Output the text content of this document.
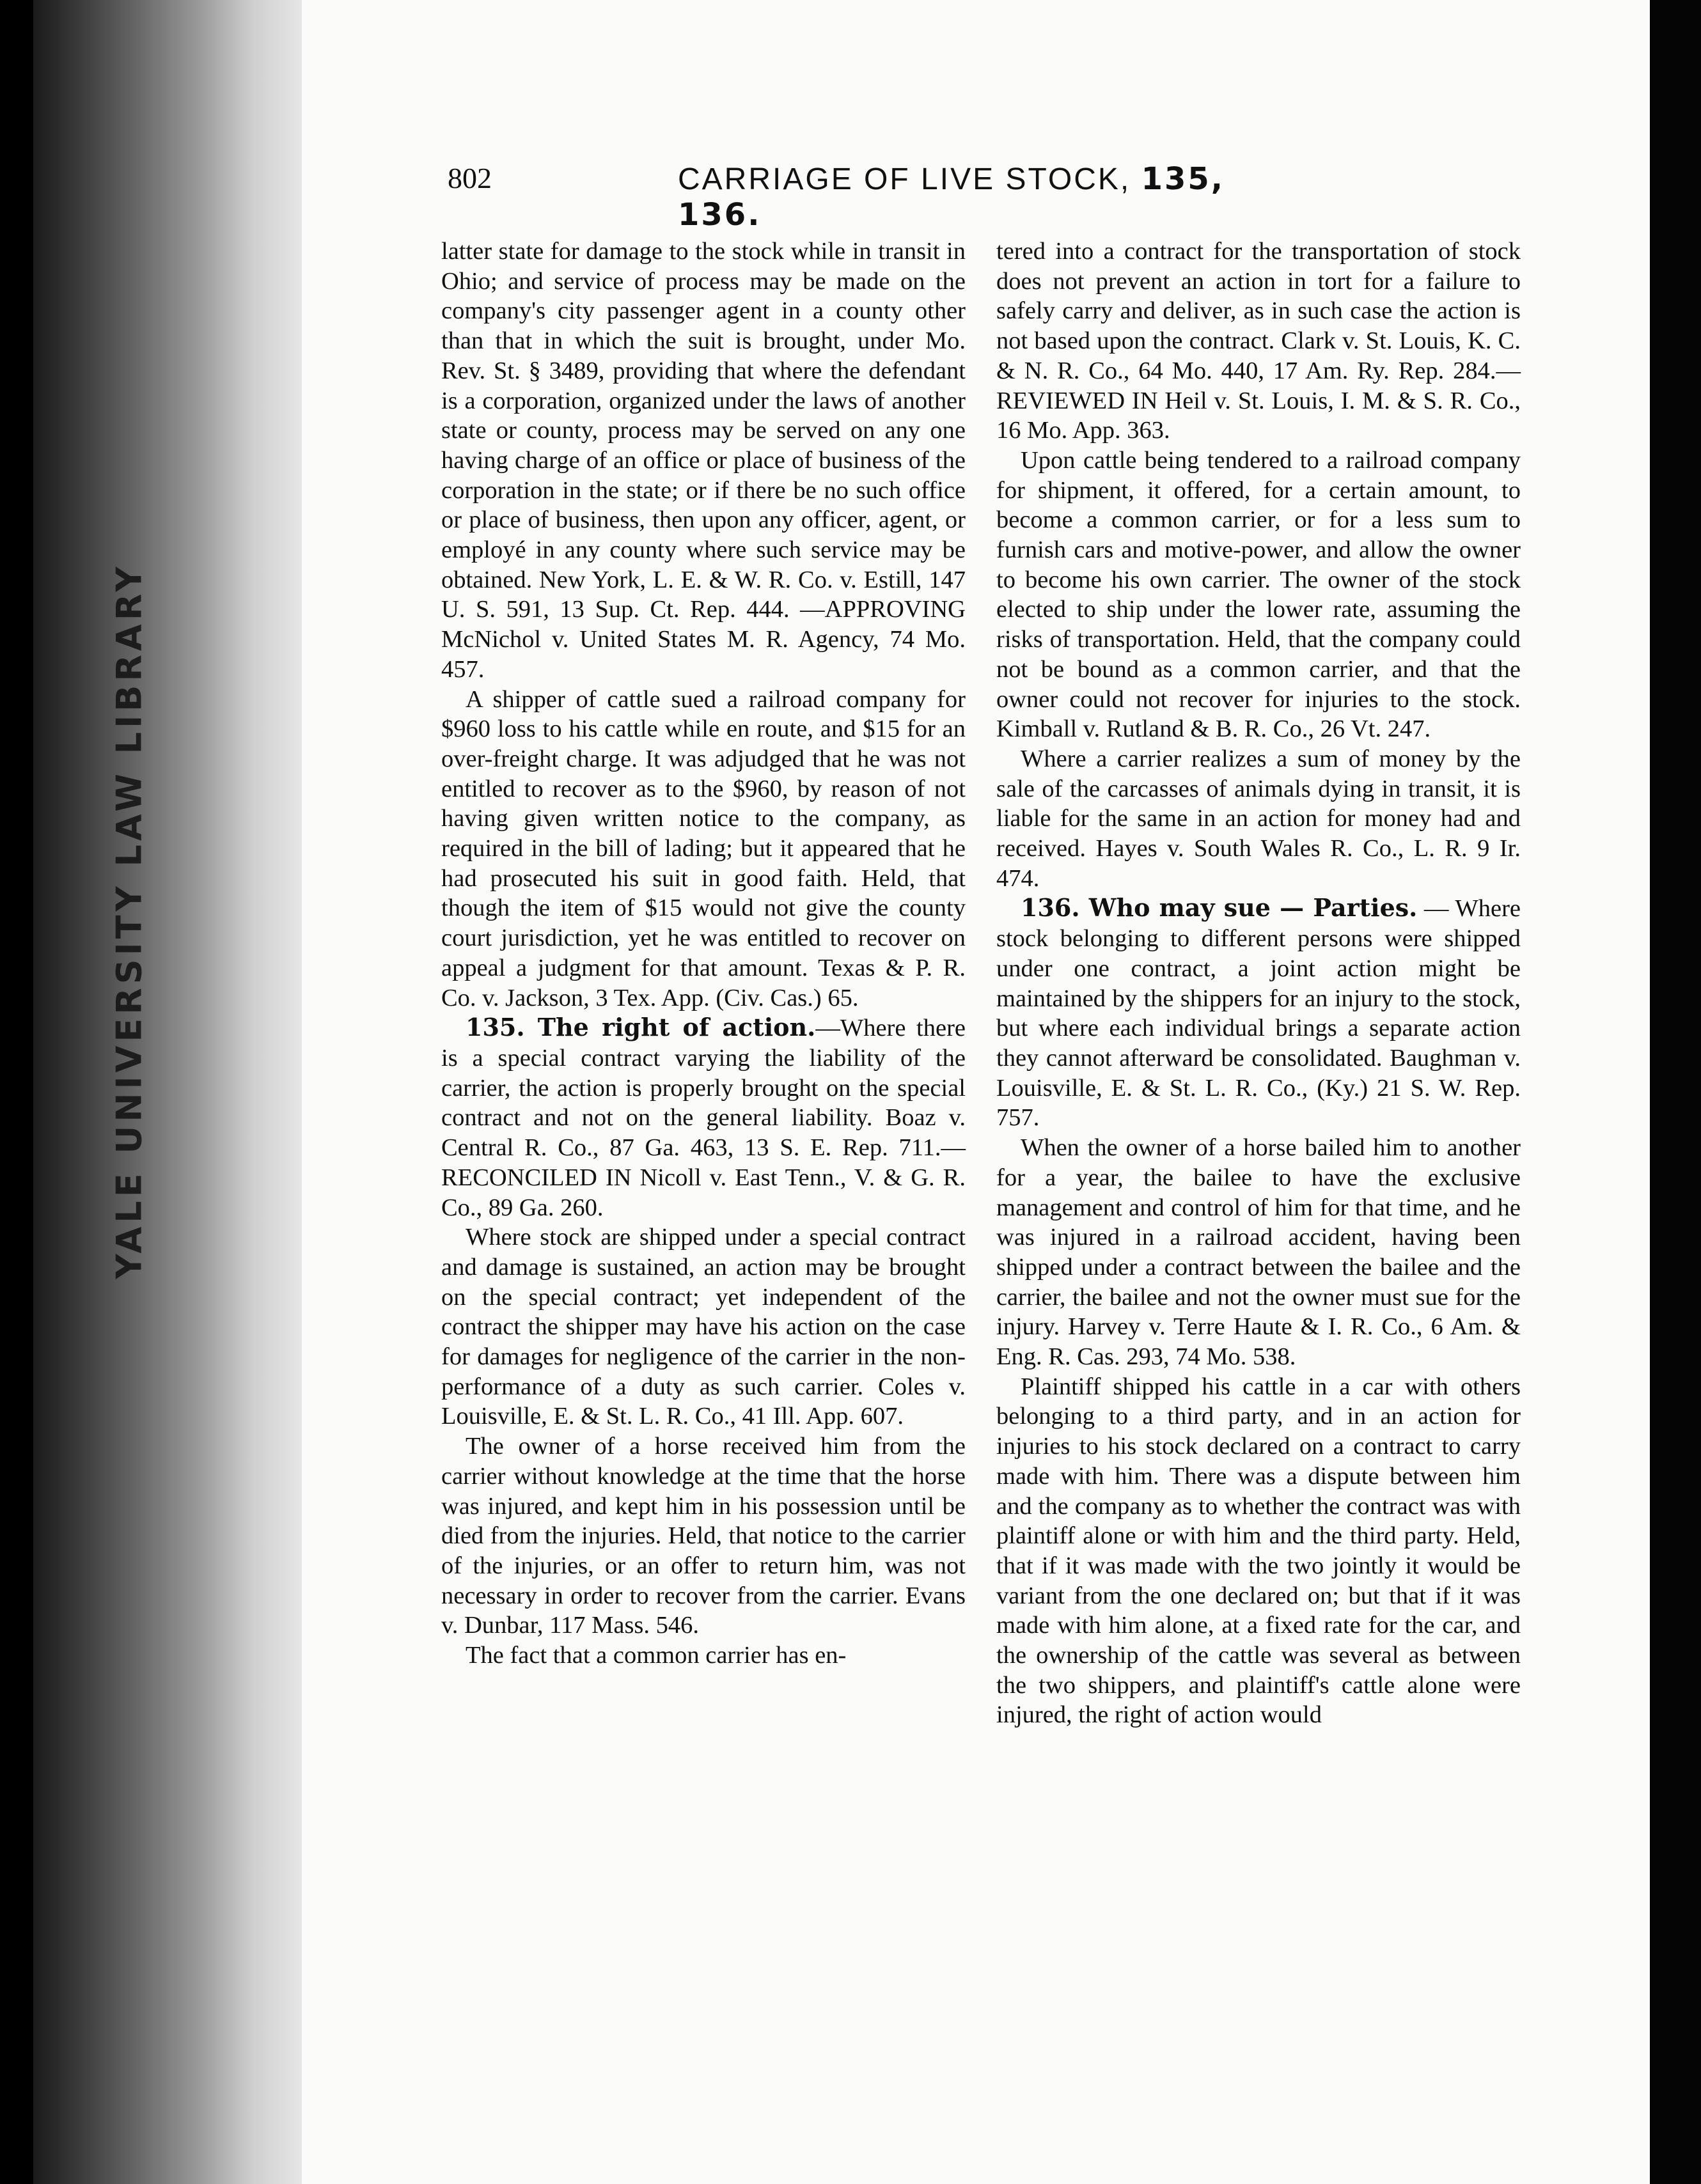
YALE UNIVERSITY LAW LIBRARY
802	CARRIAGE OF LIVE STOCK, 135, 136.

latter state for damage to the stock while in transit in Ohio; and service of process may be made on the company's city passenger agent in a county other than that in which the suit is brought, under Mo. Rev. St. § 3489, providing that where the defendant is a corporation, organized under the laws of another state or county, process may be served on any one having charge of an office or place of business of the corporation in the state; or if there be no such office or place of business, then upon any officer, agent, or employé in any county where such service may be obtained. New York, L. E. & W. R. Co. v. Estill, 147 U. S. 591, 13 Sup. Ct. Rep. 444. —APPROVING McNichol v. United States M. R. Agency, 74 Mo. 457.

A shipper of cattle sued a railroad company for $960 loss to his cattle while en route, and $15 for an over-freight charge. It was adjudged that he was not entitled to recover as to the $960, by reason of not having given written notice to the company, as required in the bill of lading; but it appeared that he had prosecuted his suit in good faith. Held, that though the item of $15 would not give the county court jurisdiction, yet he was entitled to recover on appeal a judgment for that amount. Texas & P. R. Co. v. Jackson, 3 Tex. App. (Civ. Cas.) 65.

135. The right of action.—Where there is a special contract varying the liability of the carrier, the action is properly brought on the special contract and not on the general liability. Boaz v. Central R. Co., 87 Ga. 463, 13 S. E. Rep. 711.—RECONCILED IN Nicoll v. East Tenn., V. & G. R. Co., 89 Ga. 260.

Where stock are shipped under a special contract and damage is sustained, an action may be brought on the special contract; yet independent of the contract the shipper may have his action on the case for damages for negligence of the carrier in the non-performance of a duty as such carrier. Coles v. Louisville, E. & St. L. R. Co., 41 Ill. App. 607.

The owner of a horse received him from the carrier without knowledge at the time that the horse was injured, and kept him in his possession until be died from the injuries. Held, that notice to the carrier of the injuries, or an offer to return him, was not necessary in order to recover from the carrier. Evans v. Dunbar, 117 Mass. 546.

The fact that a common carrier has en-

tered into a contract for the transportation of stock does not prevent an action in tort for a failure to safely carry and deliver, as in such case the action is not based upon the contract. Clark v. St. Louis, K. C. & N. R. Co., 64 Mo. 440, 17 Am. Ry. Rep. 284.—REVIEWED IN Heil v. St. Louis, I. M. & S. R. Co., 16 Mo. App. 363.

Upon cattle being tendered to a railroad company for shipment, it offered, for a certain amount, to become a common carrier, or for a less sum to furnish cars and motive-power, and allow the owner to become his own carrier. The owner of the stock elected to ship under the lower rate, assuming the risks of transportation. Held, that the company could not be bound as a common carrier, and that the owner could not recover for injuries to the stock. Kimball v. Rutland & B. R. Co., 26 Vt. 247.

Where a carrier realizes a sum of money by the sale of the carcasses of animals dying in transit, it is liable for the same in an action for money had and received. Hayes v. South Wales R. Co., L. R. 9 Ir. 474.

136. Who may sue — Parties. — Where stock belonging to different persons were shipped under one contract, a joint action might be maintained by the shippers for an injury to the stock, but where each individual brings a separate action they cannot afterward be consolidated. Baughman v. Louisville, E. & St. L. R. Co., (Ky.) 21 S. W. Rep. 757.

When the owner of a horse bailed him to another for a year, the bailee to have the exclusive management and control of him for that time, and he was injured in a railroad accident, having been shipped under a contract between the bailee and the carrier, the bailee and not the owner must sue for the injury. Harvey v. Terre Haute & I. R. Co., 6 Am. & Eng. R. Cas. 293, 74 Mo. 538.

Plaintiff shipped his cattle in a car with others belonging to a third party, and in an action for injuries to his stock declared on a contract to carry made with him. There was a dispute between him and the company as to whether the contract was with plaintiff alone or with him and the third party. Held, that if it was made with the two jointly it would be variant from the one declared on; but that if it was made with him alone, at a fixed rate for the car, and the ownership of the cattle was several as between the two shippers, and plaintiff's cattle alone were injured, the right of action would
